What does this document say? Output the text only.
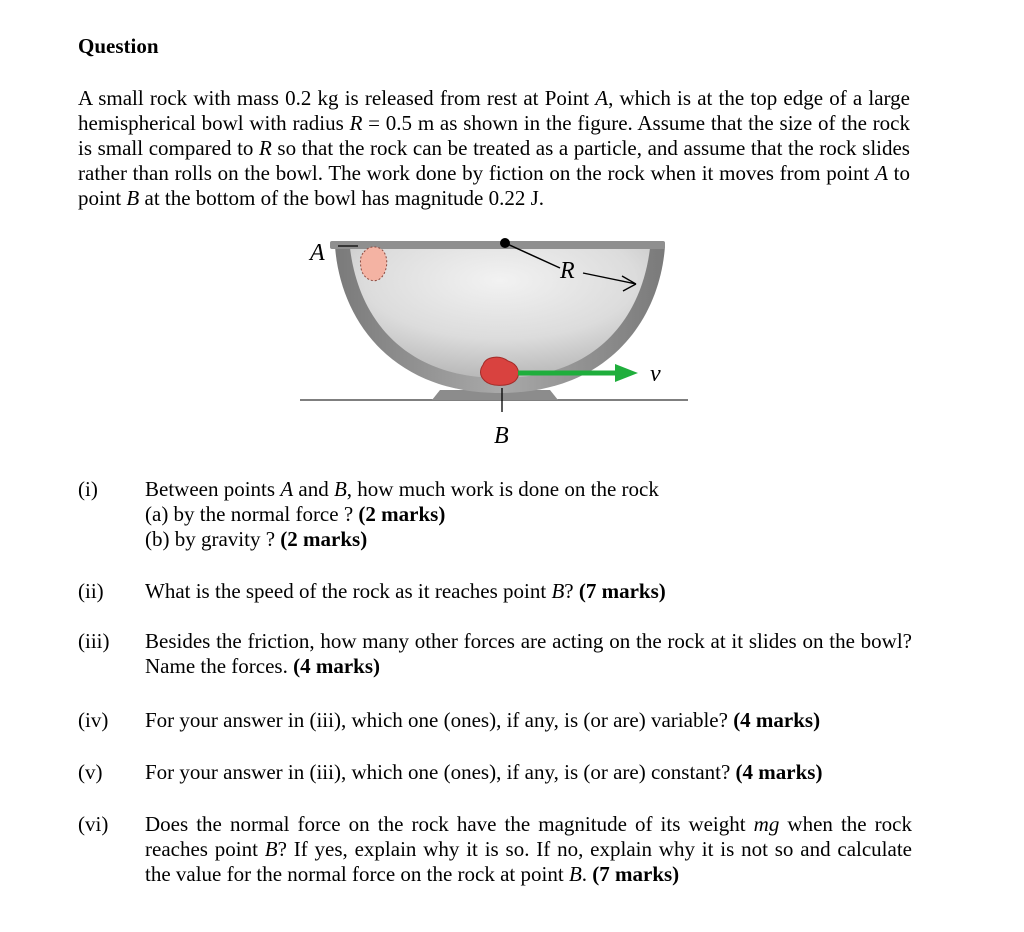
Question
A small rock with mass 0.2 kg is released from rest at Point A, which is at the top edge of a large hemispherical bowl with radius R = 0.5 m as shown in the figure. Assume that the size of the rock is small compared to R so that the rock can be treated as a particle, and assume that the rock slides rather than rolls on the bowl. The work done by fiction on the rock when it moves from point A to point B at the bottom of the bowl has magnitude 0.22 J.
A
R
v
B
(i) Between points A and B, how much work is done on the rock
(a) by the normal force ? (2 marks)
(b) by gravity ? (2 marks)
(ii) What is the speed of the rock as it reaches point B? (7 marks)
(iii) Besides the friction, how many other forces are acting on the rock at it slides on the bowl? Name the forces. (4 marks)
(iv) For your answer in (iii), which one (ones), if any, is (or are) variable? (4 marks)
(v) For your answer in (iii), which one (ones), if any, is (or are) constant? (4 marks)
(vi) Does the normal force on the rock have the magnitude of its weight mg when the rock reaches point B? If yes, explain why it is so. If no, explain why it is not so and calculate the value for the normal force on the rock at point B. (7 marks)
